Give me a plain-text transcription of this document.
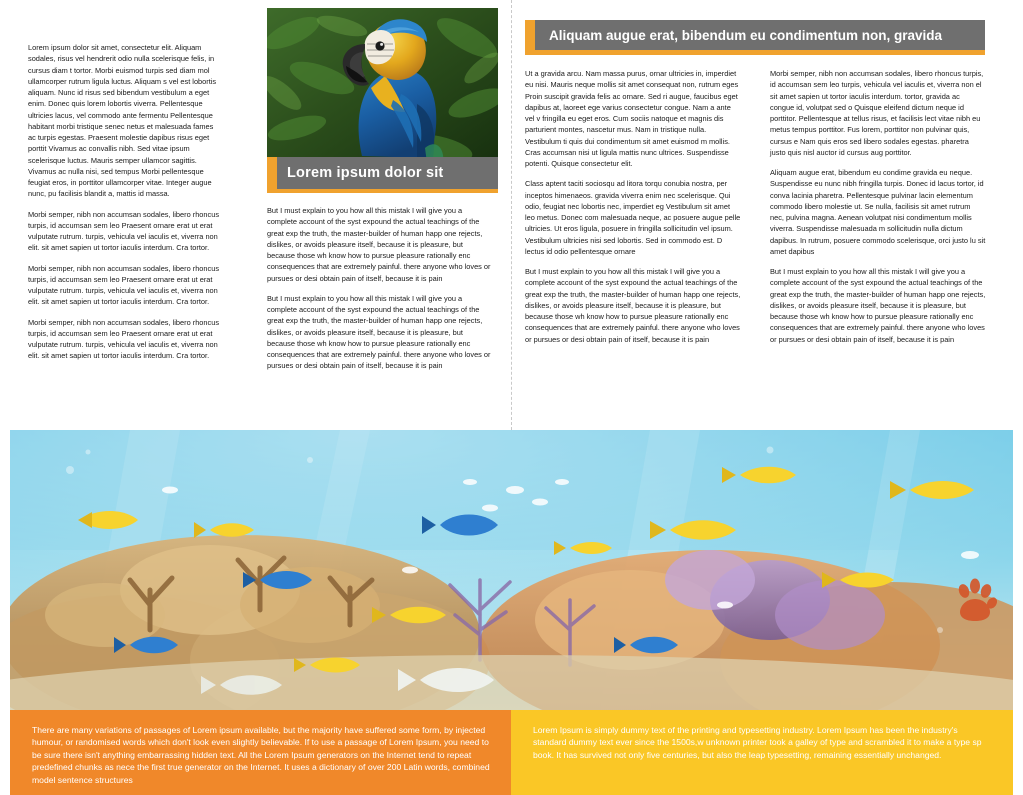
Lorem ipsum dolor sit amet, consectetur elit. Aliquam sodales, risus vel hendrerit odio nulla scelerisque felis, in cursus diam t tortor. Morbi euismod turpis sed diam mol ullamcorper rutrum ligula luctus. Aliquam s vel est lobortis aliquam. Nunc id risus sed bibendum vestibulum a eget enim. Donec quis lorem lobortis viverra. Pellentesque ultricies lacus, vel commodo ante fermentu Pellentesque habitant morbi tristique senec netus et malesuada fames ac turpis egestas. Praesent molestie dapibus risus eget porttit Vivamus ac convallis nibh. Sed vitae ipsum scelerisque luctus. Mauris semper ullamcor sagittis. Vivamus ac nulla nisi, sed tempus Morbi pellentesque feugiat eros, in porttitor ullamcorper vitae. Integer augue nunc, pu facilisis blandit a, mattis id massa.

Morbi semper, nibh non accumsan sodales, libero rhoncus turpis, id accumsan sem leo Praesent ornare erat ut erat vulputate rutrum. turpis, vehicula vel iaculis et, viverra non elit. sit amet sapien ut tortor iaculis interdum. Cra tortor.

Morbi semper, nibh non accumsan sodales, libero rhoncus turpis, id accumsan sem leo Praesent ornare erat ut erat vulputate rutrum. turpis, vehicula vel iaculis et, viverra non elit. sit amet sapien ut tortor iaculis interdum. Cra tortor.

Morbi semper, nibh non accumsan sodales, libero rhoncus turpis, id accumsan sem leo Praesent ornare erat ut erat vulputate rutrum. turpis, vehicula vel iaculis et, viverra non elit. sit amet sapien ut tortor iaculis interdum. Cra tortor.

Lorem ipsum dolor sit

But I must explain to you how all this mistak I will give you a complete account of the syst expound the actual teachings of the great exp the truth, the master-builder of human happ one rejects, dislikes, or avoids pleasure itself, because it is pleasure, but because those wh know how to pursue pleasure rationally enc consequences that are extremely painful. there anyone who loves or pursues or desi obtain pain of itself, because it is pain

But I must explain to you how all this mistak I will give you a complete account of the syst expound the actual teachings of the great exp the truth, the master-builder of human happ one rejects, dislikes, or avoids pleasure itself, because it is pleasure, but because those wh know how to pursue pleasure rationally enc consequences that are extremely painful. there anyone who loves or pursues or desi obtain pain of itself, because it is pain

Aliquam augue erat, bibendum eu condimentum non, gravida

Ut a gravida arcu. Nam massa purus, ornar ultricies in, imperdiet eu nisi. Mauris neque mollis sit amet consequat non, rutrum eges Proin suscipit gravida felis ac ornare. Sed ri augue, faucibus eget dapibus at, laoreet ege varius consectetur congue. Nam a ante vel v fringilla eu eget eros. Cum sociis natoque et magnis dis parturient montes, nascetur mus. Nam in tristique nulla. Vestibulum ti quis dui condimentum sit amet euismod m mollis. Cras accumsan nisi ut ligula mattis nunc ultrices. Suspendisse potenti. Quisque consectetur elit.

Class aptent taciti sociosqu ad litora torqu conubia nostra, per inceptos himenaeos. gravida viverra enim nec scelerisque. Qui odio, feugiat nec lobortis nec, imperdiet eg Vestibulum sit amet leo metus. Donec com malesuada neque, ac posuere augue pelle ultricies. Ut eros ligula, posuere in fringilla sollicitudin vel ipsum. Vestibulum ultricies nisi sed lobortis. Sed in commodo est. D lectus id odio pellentesque ornare

But I must explain to you how all this mistak I will give you a complete account of the syst expound the actual teachings of the great exp the truth, the master-builder of human happ one rejects, dislikes, or avoids pleasure itself, because it is pleasure, but because those wh know how to pursue pleasure rationally enc consequences that are extremely painful. there anyone who loves or pursues or desi obtain pain of itself, because it is pain

Morbi semper, nibh non accumsan sodales, libero rhoncus turpis, id accumsan sem leo turpis, vehicula vel iaculis et, viverra non el sit amet sapien ut tortor iaculis interdum. tortor, gravida ac congue id, volutpat sed o Quisque eleifend dictum neque id porttitor. Pellentesque at tellus risus, et facilisis lect vitae nibh eu metus tempus porttitor. Fus lorem, porttitor non pulvinar quis, cursus e Nam quis eros sed libero sodales egestas. pharetra justo quis nisl auctor id cursus aug porttitor.

Aliquam augue erat, bibendum eu condime gravida eu neque. Suspendisse eu nunc nibh fringilla turpis. Donec id lacus tortor, id conva lacinia pharetra. Pellentesque pulvinar lacin elementum commodo libero molestie ut. Se nulla, facilisis sit amet rutrum nec, pulvina magna. Aenean volutpat nisi condimentum mollis viverra. Suspendisse malesuada m sollicitudin nulla dictum dapibus. In rutrum, posuere commodo scelerisque, orci justo lu sit amet dapibus

But I must explain to you how all this mistak I will give you a complete account of the syst expound the actual teachings of the great exp the truth, the master-builder of human happ one rejects, dislikes, or avoids pleasure itself, because it is pleasure, but because those wh know how to pursue pleasure rationally enc consequences that are extremely painful. there anyone who loves or pursues or desi obtain pain of itself, because it is pain

There are many variations of passages of Lorem ipsum available, but the majority have suffered some form, by injected humour, or randomised words which don't look even slightly believable. If to use a passage of Lorem Ipsum, you need to be sure there isn't anything embarrassing hidden text. All the Lorem Ipsum generators on the Internet tend to repeat predefined chunks as nece the first true generator on the Internet. It uses a dictionary of over 200 Latin words, combined model sentence structures
Lorem Ipsum is simply dummy text of the printing and typesetting industry. Lorem Ipsum has been the industry's standard dummy text ever since the 1500s,w unknown printer took a galley of type and scrambled it to make a type sp book. It has survived not only five centuries, but also the leap typesetting, remaining essentially unchanged.
